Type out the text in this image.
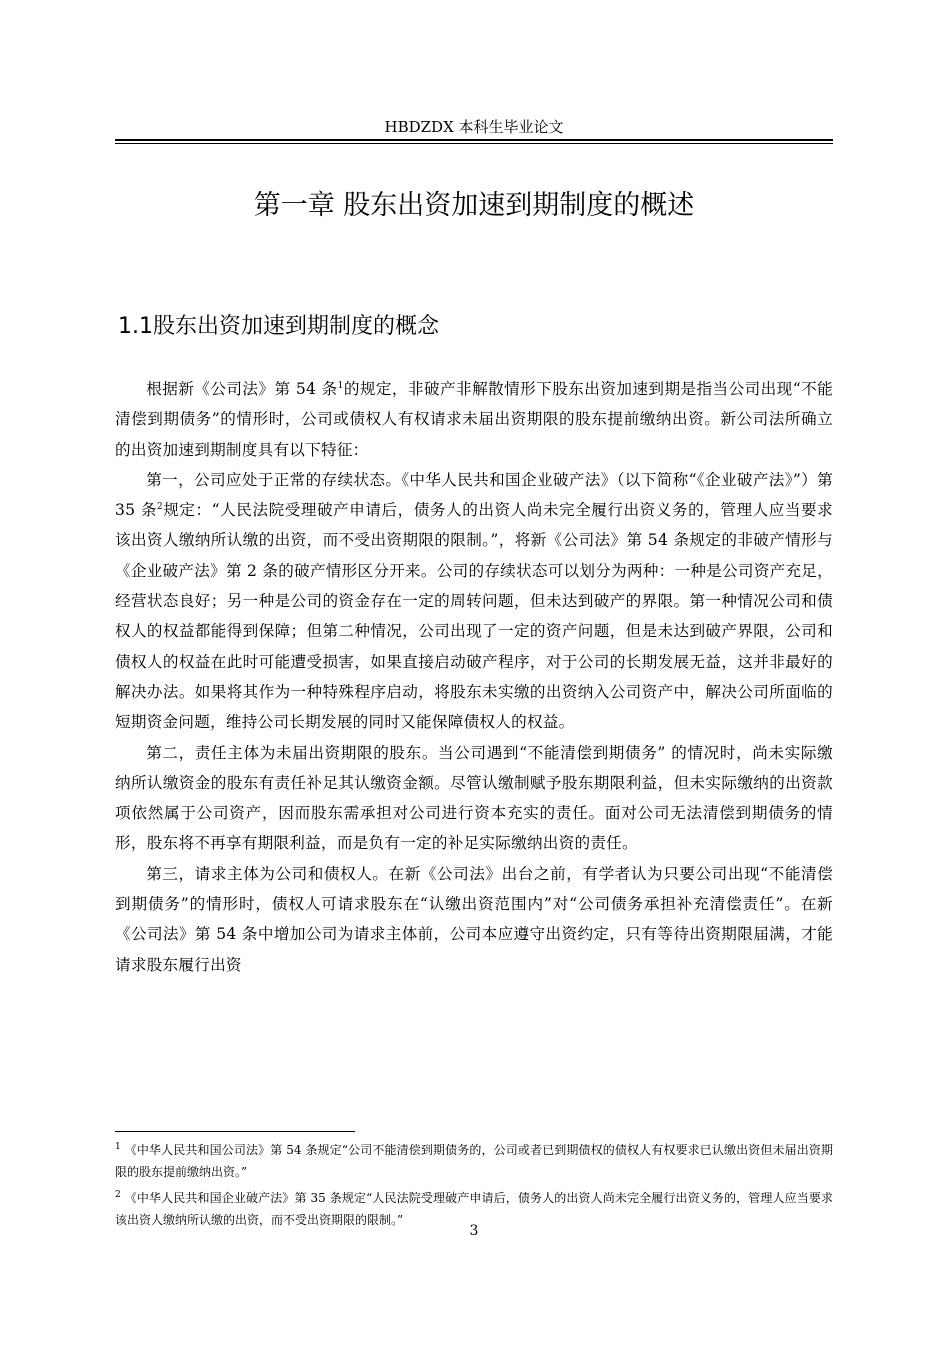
HBDZDX 本科生毕业论文
第一章 股东出资加速到期制度的概述
1.1股东出资加速到期制度的概念

根据新《公司法》第 54 条$^1$的规定，非破产非解散情形下股东出资加速到期是指当公司出现“不能清偿到期债务”的情形时，公司或债权人有权请求未届出资期限的股东提前缴纳出资。新公司法所确立的出资加速到期制度具有以下特征：

第一，公司应处于正常的存续状态。《中华人民共和国企业破产法》（以下简称“《企业破产法》”）第 35 条$^2$规定：“人民法院受理破产申请后，债务人的出资人尚未完全履行出资义务的，管理人应当要求该出资人缴纳所认缴的出资，而不受出资期限的限制。”，将新《公司法》第 54 条规定的非破产情形与《企业破产法》第 2 条的破产情形区分开来。公司的存续状态可以划分为两种：一种是公司资产充足，经营状态良好；另一种是公司的资金存在一定的周转问题，但未达到破产的界限。第一种情况公司和债权人的权益都能得到保障；但第二种情况，公司出现了一定的资产问题，但是未达到破产界限，公司和债权人的权益在此时可能遭受损害，如果直接启动破产程序，对于公司的长期发展无益，这并非最好的解决办法。如果将其作为一种特殊程序启动，将股东未实缴的出资纳入公司资产中，解决公司所面临的短期资金问题，维持公司长期发展的同时又能保障债权人的权益。

第二，责任主体为未届出资期限的股东。当公司遇到“不能清偿到期债务” 的情况时，尚未实际缴纳所认缴资金的股东有责任补足其认缴资金额。尽管认缴制赋予股东期限利益，但未实际缴纳的出资款项依然属于公司资产，因而股东需承担对公司进行资本充实的责任。面对公司无法清偿到期债务的情形，股东将不再享有期限利益，而是负有一定的补足实际缴纳出资的责任。

第三，请求主体为公司和债权人。在新《公司法》出台之前，有学者认为只要公司出现“不能清偿到期债务”的情形时，债权人可请求股东在“认缴出资范围内”对“公司债务承担补充清偿责任”。在新《公司法》第 54 条中增加公司为请求主体前，公司本应遵守出资约定，只有等待出资期限届满，才能请求股东履行出资

$^1$ 《中华人民共和国公司法》第 54 条规定“公司不能清偿到期债务的，公司或者已到期债权的债权人有权要求已认缴出资但未届出资期限的股东提前缴纳出资。”

$^2$ 《中华人民共和国企业破产法》第 35 条规定“人民法院受理破产申请后，债务人的出资人尚未完全履行出资义务的，管理人应当要求该出资人缴纳所认缴的出资，而不受出资期限的限制。”

3
